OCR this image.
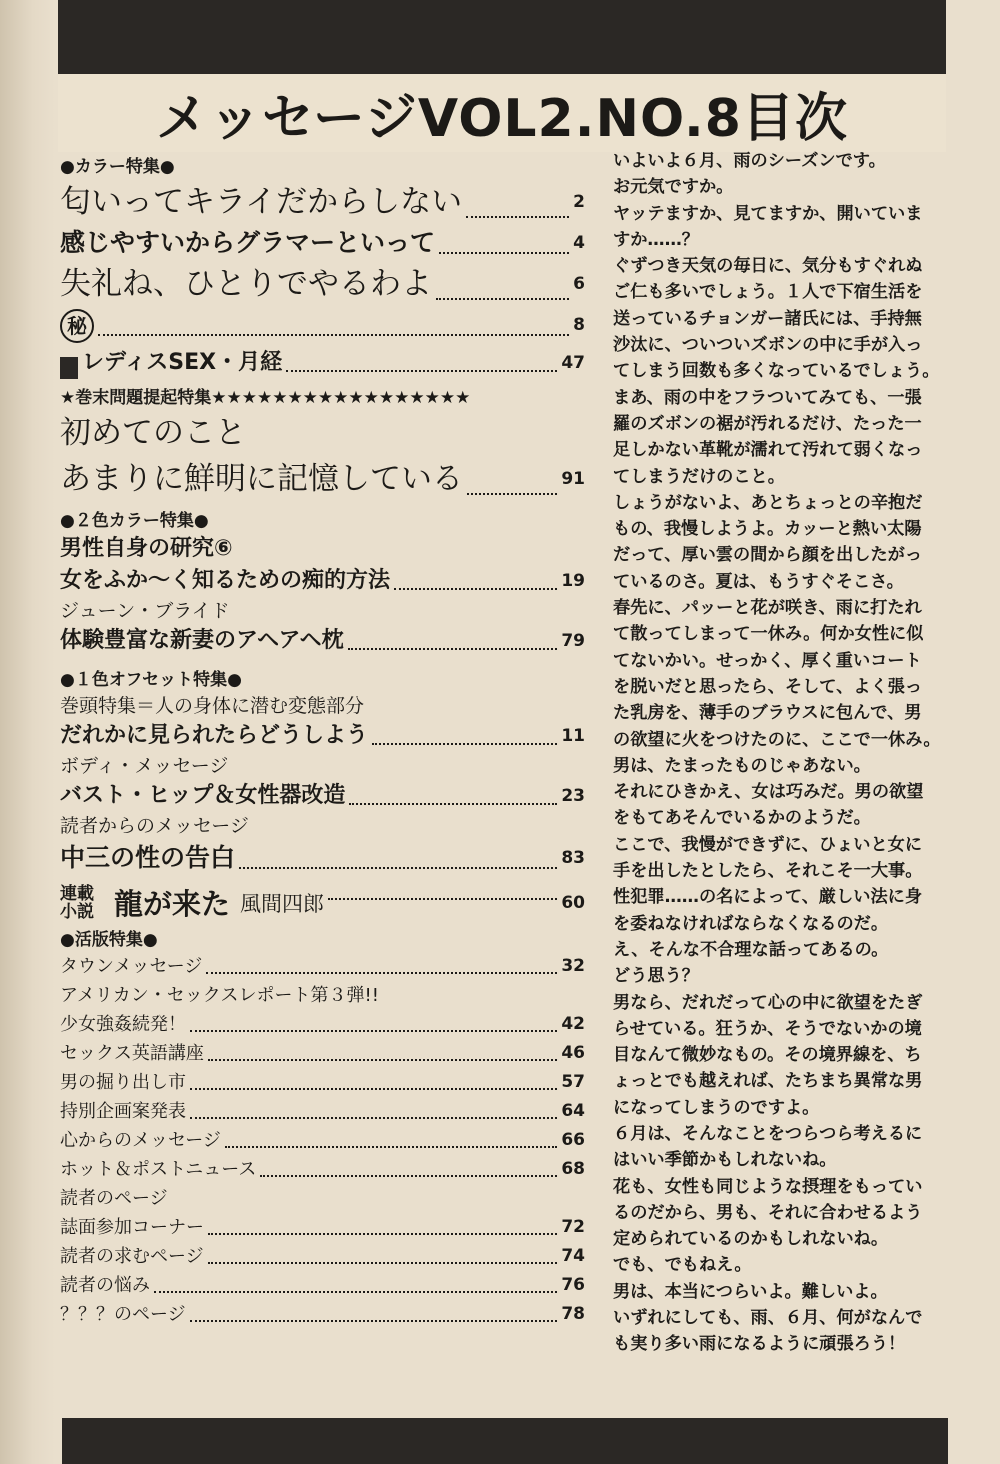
メッセージVOL2.NO.8目次
●カラー特集●
匂いってキライだからしない	2
感じやすいからグラマーといって	4
失礼ね、ひとりでやるわよ	6
秘	8
レディスSEX・月経	47
★巻末問題提起特集★★★★★★★★★★★★★★★★★
初めてのこと
あまりに鮮明に記憶している	91
●２色カラー特集●
男性自身の研究⑥
女をふか～く知るための痴的方法	19
ジューン・ブライド
体験豊富な新妻のアヘアヘ枕	79
●１色オフセット特集●
巻頭特集＝人の身体に潜む変態部分
だれかに見られたらどうしよう	11
ボディ・メッセージ
バスト・ヒップ＆女性器改造	23
読者からのメッセージ
中三の性の告白	83
連載
小説 龍が来た 風間四郎	60
●活版特集●
タウンメッセージ	32
アメリカン・セックスレポート第３弾!!
少女強姦続発！	42
セックス英語講座	46
男の掘り出し市	57
持別企画案発表	64
心からのメッセージ	66
ホット＆ポストニュース	68
読者のページ
誌面参加コーナー	72
読者の求むページ	74
読者の悩み	76
？？？のページ	78

いよいよ６月、雨のシーズンです。

お元気ですか。

ヤッテますか、見てますか、開いていま

すか……？

ぐずつき天気の毎日に、気分もすぐれぬ

ご仁も多いでしょう。１人で下宿生活を

送っているチョンガー諸氏には、手持無

沙汰に、ついついズボンの中に手が入っ

てしまう回数も多くなっているでしょう。

まあ、雨の中をフラついてみても、一張

羅のズボンの裾が汚れるだけ、たった一

足しかない革靴が濡れて汚れて弱くなっ

てしまうだけのこと。

しょうがないよ、あとちょっとの辛抱だ

もの、我慢しようよ。カッーと熱い太陽

だって、厚い雲の間から顔を出したがっ

ているのさ。夏は、もうすぐそこさ。

春先に、パッーと花が咲き、雨に打たれ

て散ってしまって一休み。何か女性に似

てないかい。せっかく、厚く重いコート

を脱いだと思ったら、そして、よく張っ

た乳房を、薄手のブラウスに包んで、男

の欲望に火をつけたのに、ここで一休み。

男は、たまったものじゃあない。

それにひきかえ、女は巧みだ。男の欲望

をもてあそんでいるかのようだ。

ここで、我慢ができずに、ひょいと女に

手を出したとしたら、それこそ一大事。

性犯罪……の名によって、厳しい法に身

を委ねなければならなくなるのだ。

え、そんな不合理な話ってあるの。

どう思う？

男なら、だれだって心の中に欲望をたぎ

らせている。狂うか、そうでないかの境

目なんて微妙なもの。その境界線を、ち

ょっとでも越えれば、たちまち異常な男

になってしまうのですよ。

６月は、そんなことをつらつら考えるに

はいい季節かもしれないね。

花も、女性も同じような摂理をもってい

るのだから、男も、それに合わせるよう

定められているのかもしれないね。

でも、でもねえ。

男は、本当につらいよ。難しいよ。

いずれにしても、雨、６月、何がなんで

も実り多い雨になるように頑張ろう！
